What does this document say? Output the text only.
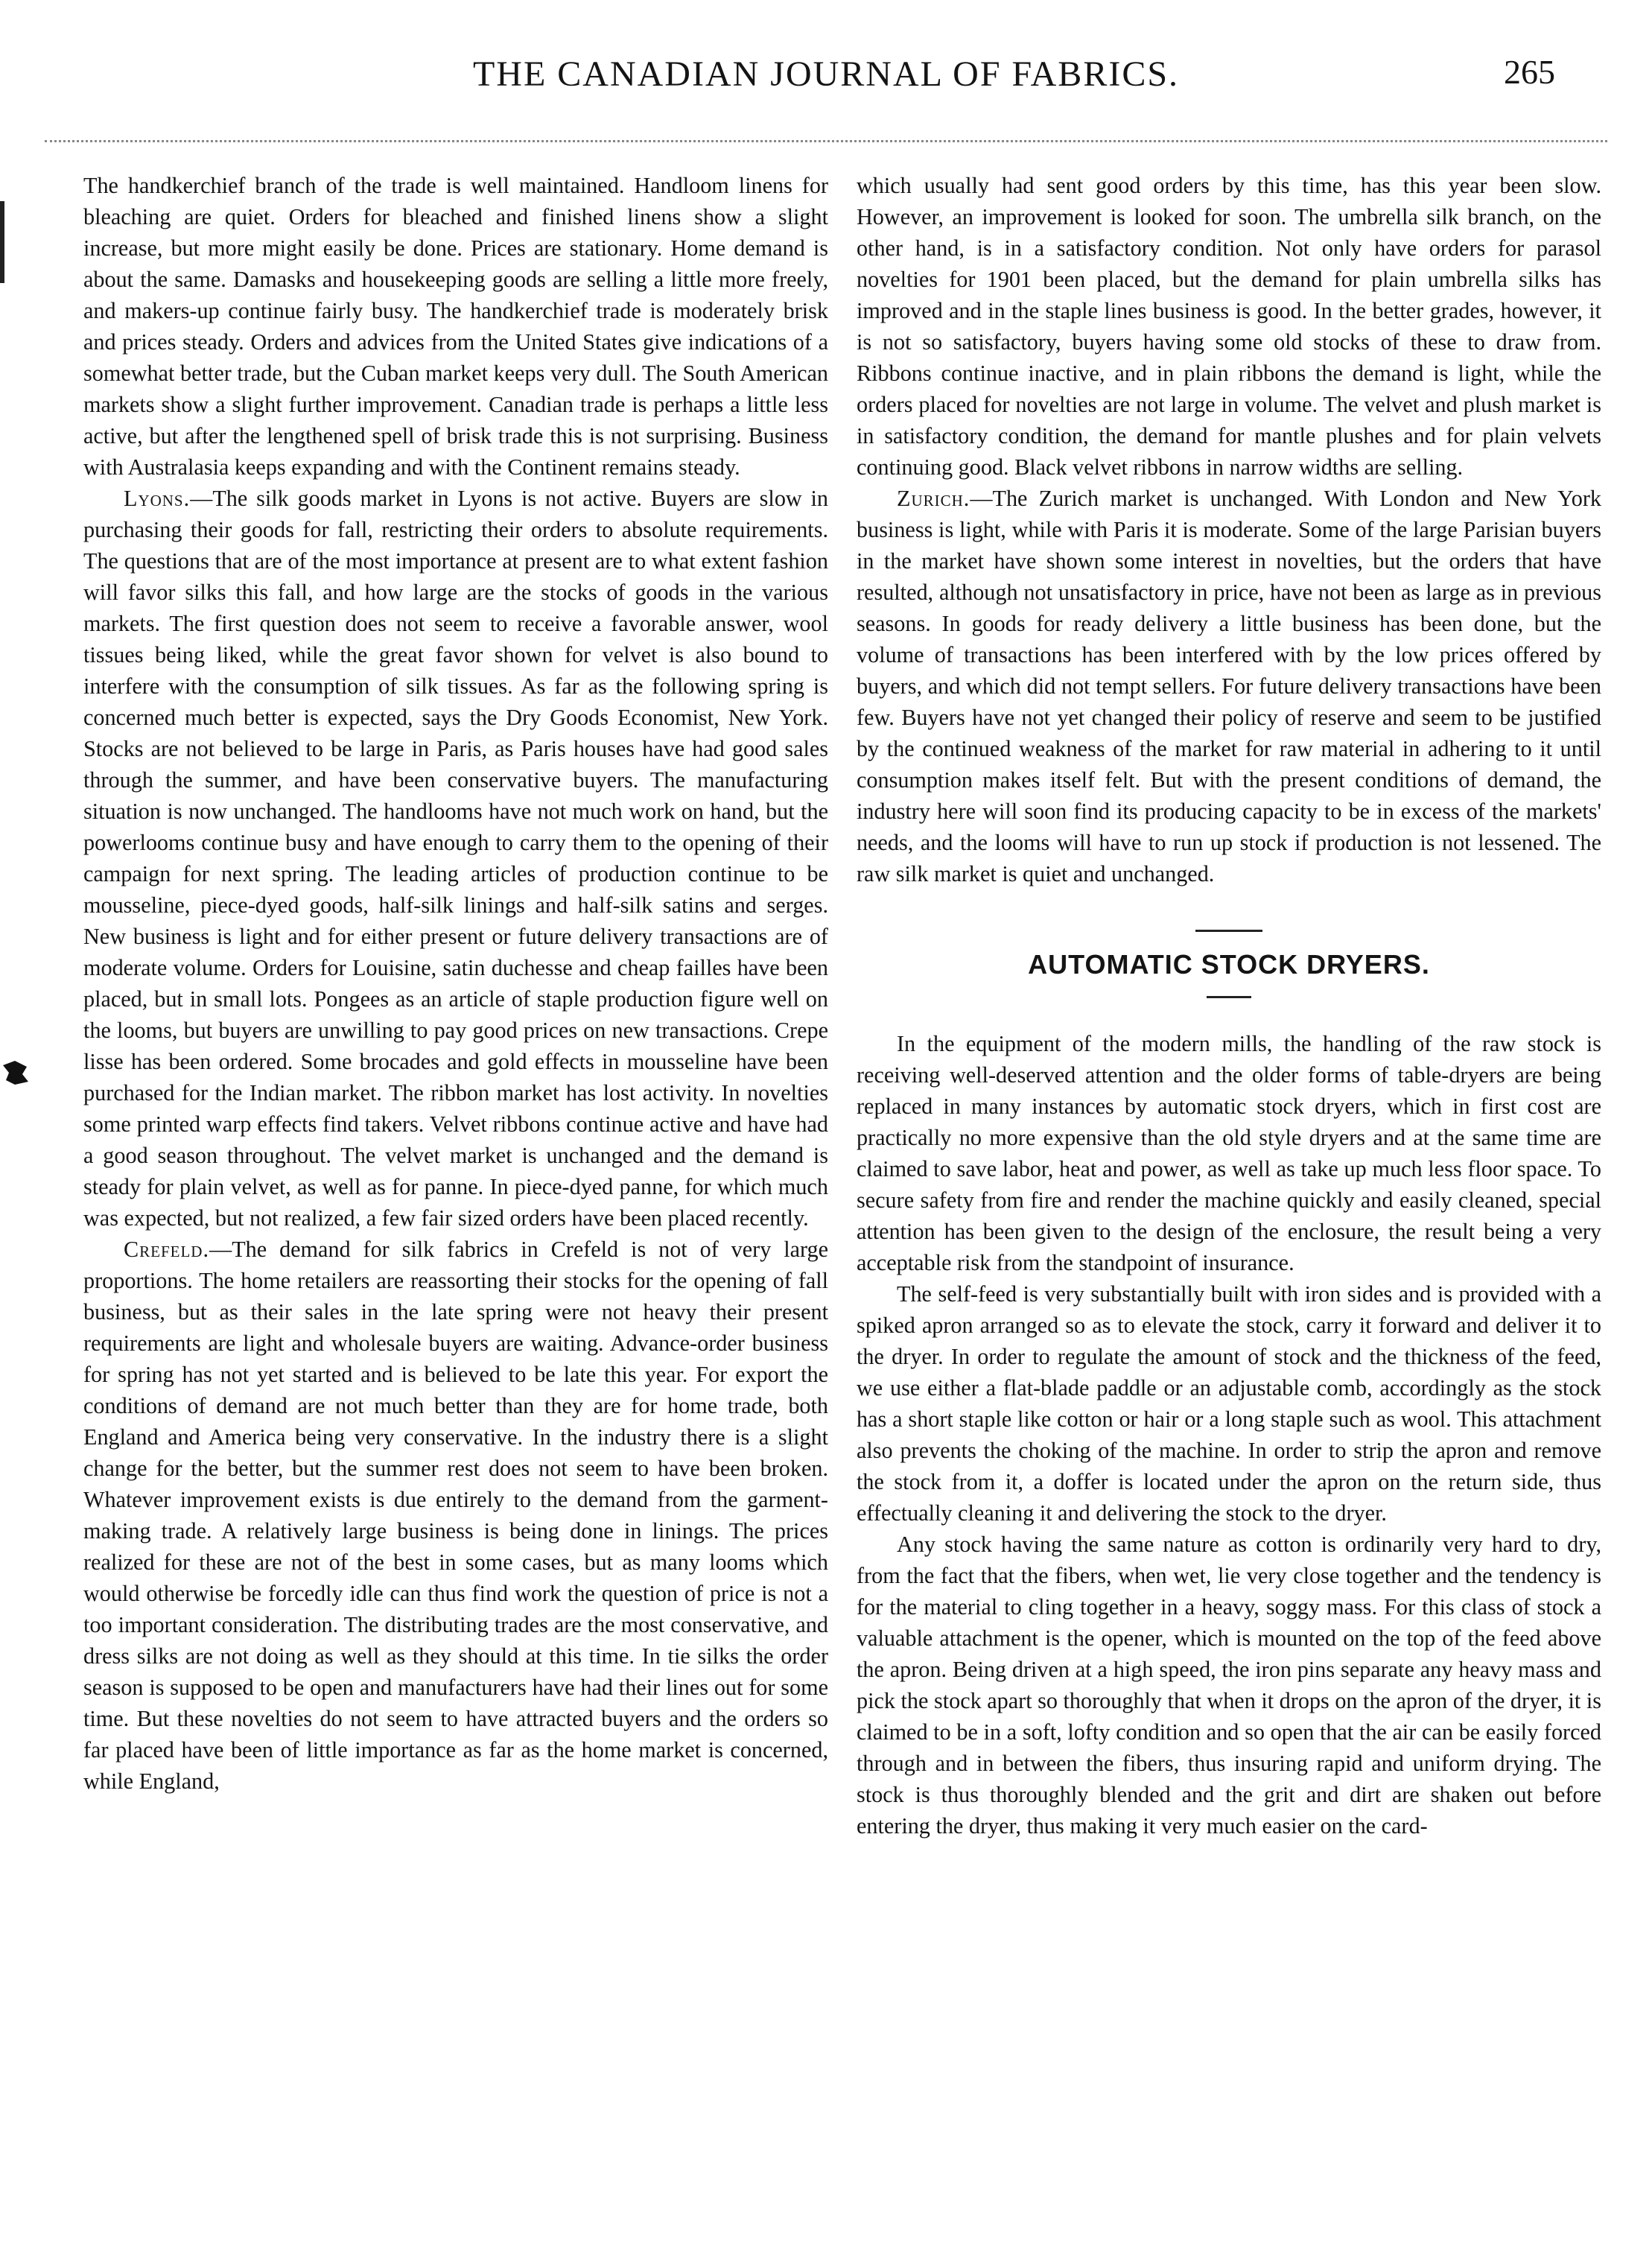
THE CANADIAN JOURNAL OF FABRICS.	265

The handkerchief branch of the trade is well maintained. Handloom linens for bleaching are quiet. Orders for bleached and finished linens show a slight increase, but more might easily be done. Prices are stationary. Home demand is about the same. Damasks and housekeeping goods are selling a little more freely, and makers-up continue fairly busy. The handkerchief trade is moderately brisk and prices steady. Orders and advices from the United States give indications of a somewhat better trade, but the Cuban market keeps very dull. The South American markets show a slight further improvement. Canadian trade is perhaps a little less active, but after the lengthened spell of brisk trade this is not surprising. Business with Australasia keeps expanding and with the Continent remains steady.

Lyons.—The silk goods market in Lyons is not active. Buyers are slow in purchasing their goods for fall, restricting their orders to absolute requirements. The questions that are of the most importance at present are to what extent fashion will favor silks this fall, and how large are the stocks of goods in the various markets. The first question does not seem to receive a favorable answer, wool tissues being liked, while the great favor shown for velvet is also bound to interfere with the consumption of silk tissues. As far as the following spring is concerned much better is expected, says the Dry Goods Economist, New York. Stocks are not believed to be large in Paris, as Paris houses have had good sales through the summer, and have been conservative buyers. The manufacturing situation is now unchanged. The handlooms have not much work on hand, but the powerlooms continue busy and have enough to carry them to the opening of their campaign for next spring. The leading articles of production continue to be mousseline, piece-dyed goods, half-silk linings and half-silk satins and serges. New business is light and for either present or future delivery transactions are of moderate volume. Orders for Louisine, satin duchesse and cheap failles have been placed, but in small lots. Pongees as an article of staple production figure well on the looms, but buyers are unwilling to pay good prices on new transactions. Crepe lisse has been ordered. Some brocades and gold effects in mousseline have been purchased for the Indian market. The ribbon market has lost activity. In novelties some printed warp effects find takers. Velvet ribbons continue active and have had a good season throughout. The velvet market is unchanged and the demand is steady for plain velvet, as well as for panne. In piece-dyed panne, for which much was expected, but not realized, a few fair sized orders have been placed recently.

Crefeld.—The demand for silk fabrics in Crefeld is not of very large proportions. The home retailers are reassorting their stocks for the opening of fall business, but as their sales in the late spring were not heavy their present requirements are light and wholesale buyers are waiting. Advance-order business for spring has not yet started and is believed to be late this year. For export the conditions of demand are not much better than they are for home trade, both England and America being very conservative. In the industry there is a slight change for the better, but the summer rest does not seem to have been broken. Whatever improvement exists is due entirely to the demand from the garment-making trade. A relatively large business is being done in linings. The prices realized for these are not of the best in some cases, but as many looms which would otherwise be forcedly idle can thus find work the question of price is not a too important consideration. The distributing trades are the most conservative, and dress silks are not doing as well as they should at this time. In tie silks the order season is supposed to be open and manufacturers have had their lines out for some time. But these novelties do not seem to have attracted buyers and the orders so far placed have been of little importance as far as the home market is concerned, while England,

which usually had sent good orders by this time, has this year been slow. However, an improvement is looked for soon. The umbrella silk branch, on the other hand, is in a satisfactory condition. Not only have orders for parasol novelties for 1901 been placed, but the demand for plain umbrella silks has improved and in the staple lines business is good. In the better grades, however, it is not so satisfactory, buyers having some old stocks of these to draw from. Ribbons continue inactive, and in plain ribbons the demand is light, while the orders placed for novelties are not large in volume. The velvet and plush market is in satisfactory condition, the demand for mantle plushes and for plain velvets continuing good. Black velvet ribbons in narrow widths are selling.

Zurich.—The Zurich market is unchanged. With London and New York business is light, while with Paris it is moderate. Some of the large Parisian buyers in the market have shown some interest in novelties, but the orders that have resulted, although not unsatisfactory in price, have not been as large as in previous seasons. In goods for ready delivery a little business has been done, but the volume of transactions has been interfered with by the low prices offered by buyers, and which did not tempt sellers. For future delivery transactions have been few. Buyers have not yet changed their policy of reserve and seem to be justified by the continued weakness of the market for raw material in adhering to it until consumption makes itself felt. But with the present conditions of demand, the industry here will soon find its producing capacity to be in excess of the markets' needs, and the looms will have to run up stock if production is not lessened. The raw silk market is quiet and unchanged.

AUTOMATIC STOCK DRYERS.

In the equipment of the modern mills, the handling of the raw stock is receiving well-deserved attention and the older forms of table-dryers are being replaced in many instances by automatic stock dryers, which in first cost are practically no more expensive than the old style dryers and at the same time are claimed to save labor, heat and power, as well as take up much less floor space. To secure safety from fire and render the machine quickly and easily cleaned, special attention has been given to the design of the enclosure, the result being a very acceptable risk from the standpoint of insurance.

The self-feed is very substantially built with iron sides and is provided with a spiked apron arranged so as to elevate the stock, carry it forward and deliver it to the dryer. In order to regulate the amount of stock and the thickness of the feed, we use either a flat-blade paddle or an adjustable comb, accordingly as the stock has a short staple like cotton or hair or a long staple such as wool. This attachment also prevents the choking of the machine. In order to strip the apron and remove the stock from it, a doffer is located under the apron on the return side, thus effectually cleaning it and delivering the stock to the dryer.

Any stock having the same nature as cotton is ordinarily very hard to dry, from the fact that the fibers, when wet, lie very close together and the tendency is for the material to cling together in a heavy, soggy mass. For this class of stock a valuable attachment is the opener, which is mounted on the top of the feed above the apron. Being driven at a high speed, the iron pins separate any heavy mass and pick the stock apart so thoroughly that when it drops on the apron of the dryer, it is claimed to be in a soft, lofty condition and so open that the air can be easily forced through and in between the fibers, thus insuring rapid and uniform drying. The stock is thus thoroughly blended and the grit and dirt are shaken out before entering the dryer, thus making it very much easier on the card-
